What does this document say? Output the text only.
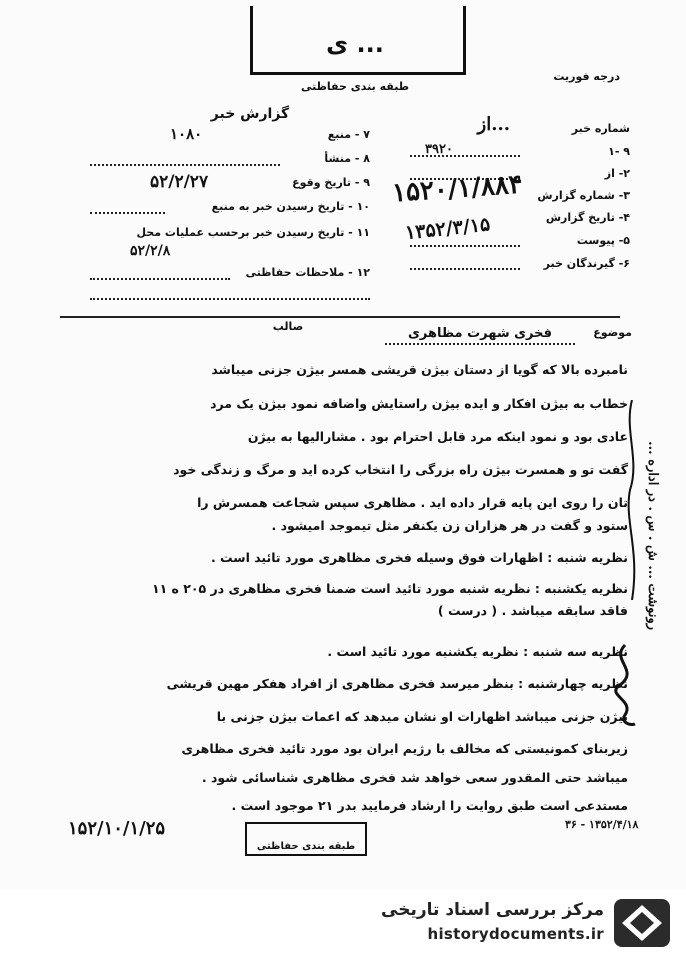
... ی
طبقه بندی حفاظتی
درجه فوریت
گزارش خبر
شماره خبر
...از
۱- ۹
۳۹۲۰
۲- از
۳- شماره گزارش
۴- تاریخ گزارش
۵- پیوست
۶- گیرندگان خبر
۱۵۲۰/۱/۸۸۴
۱۳۵۲/۳/۱۵
۷ - منبع
۱۰۸۰
۸ - منشأ
۹ - تاریخ وقوع
۵۲/۲/۲۷
۱۰ - تاریخ رسیدن خبر به منبع
۱۱ - تاریخ رسیدن خبر برحسب عملیات محل
۵۲/۲/۸
۱۲ - ملاحظات حفاظتی
موضوع
فخری شهرت مظاهری
صالب
نامبرده بالا که گویا از دستان بیژن قریشی همسر بیژن جزنی میباشد
خطاب به بیژن افکار و ایده بیژن راستایش واضافه نمود بیژن یک مرد
عادی بود و نمود اینکه مرد قابل احترام بود . مشارالیها به بیژن
گفت تو و همسرت بیژن راه بزرگی را انتخاب کرده اید و مرگ و زندگی خود
تان را روی این پایه قرار داده اید . مظاهری سپس شجاعت همسرش را
ستود و گفت در هر هزاران زن یکنفر مثل تیموجد امیشود .
نظریه شنبه : اظهارات فوق وسیله فخری مظاهری مورد تائید است .
نظریه یکشنبه : نظریه شنبه مورد تائید است ضمنا فخری مظاهری در ۲۰۵ ه ۱۱
فاقد سابقه میباشد . ( درست )
نظریه سه شنبه : نظریه یکشنبه مورد تائید است .
نظریه چهارشنبه : بنظر میرسد فخری مظاهری از افراد هفکر مهین قریشی
بیژن جزنی میباشد اظهارات او نشان میدهد که اعمات بیژن جزنی با
زیربنای کمونیستی که مخالف با رژیم ایران بود مورد تائید فخری مظاهری
میباشد حتی المقدور سعی خواهد شد فخری مظاهری شناسائی شود .
مستدعی است طبق روایت را ارشاد فرمایید بدر ۲۱ موجود است .
رونوشت ... ش . س . در اداره ...
۱۵۲/۱۰/۱/۲۵
طبقه بندی حفاظتی
۳۶ - ۱۳۵۲/۴/۱۸
مرکز بررسی اسناد تاریخی
historydocuments.ir
